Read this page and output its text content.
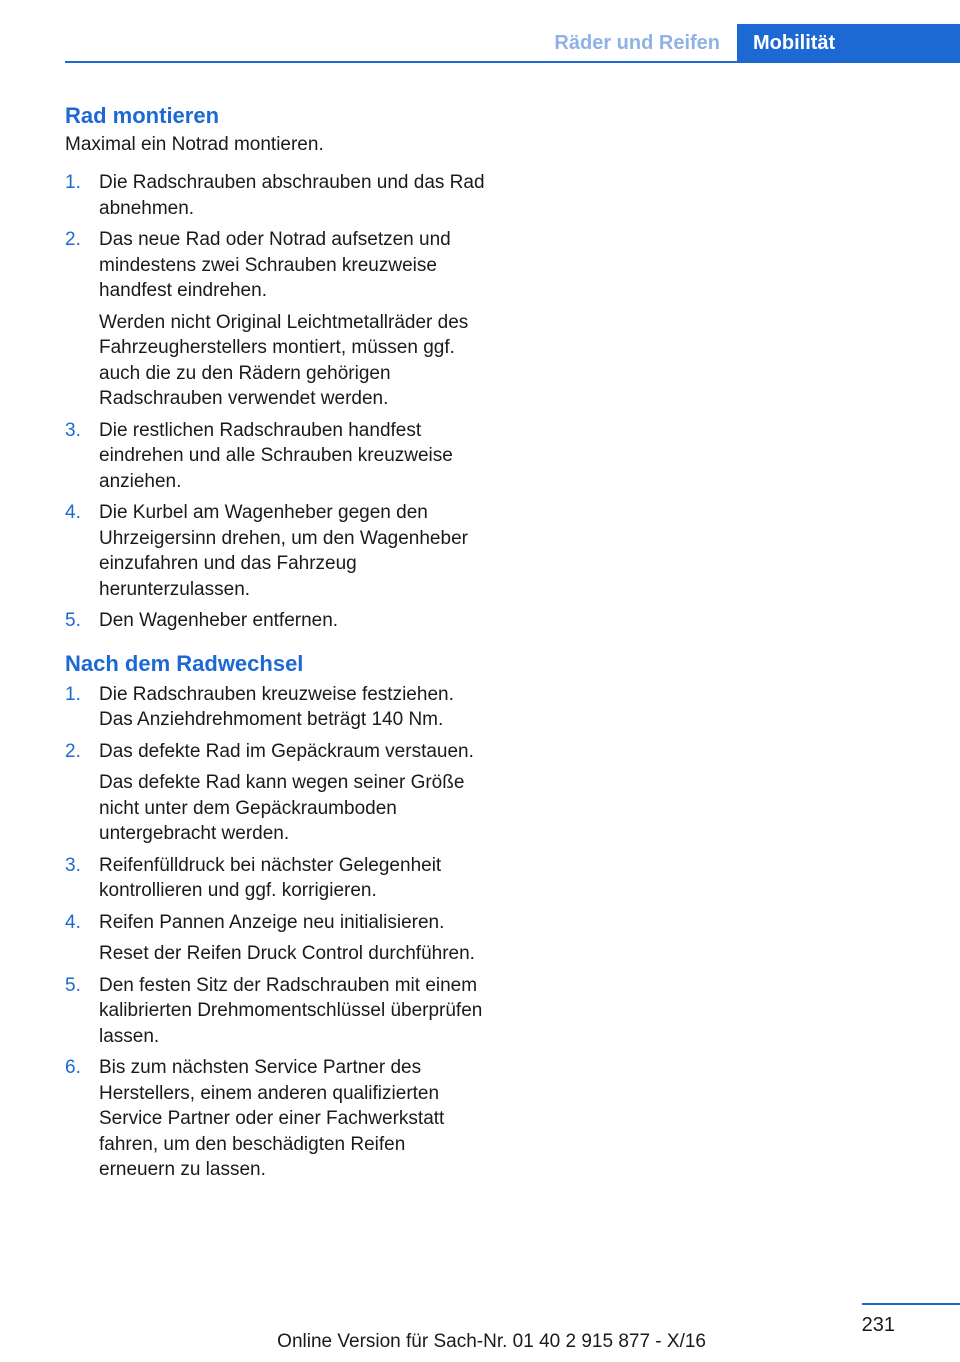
Räder und Reifen	Mobilität
Rad montieren

Maximal ein Notrad montieren.

1. Die Radschrauben abschrauben und das Rad abnehmen.

2. Das neue Rad oder Notrad aufsetzen und mindestens zwei Schrauben kreuzweise handfest eindrehen.

Werden nicht Original Leichtmetallräder des Fahrzeugherstellers montiert, müssen ggf. auch die zu den Rädern gehörigen Radschrauben verwendet werden.

3. Die restlichen Radschrauben handfest eindrehen und alle Schrauben kreuzweise anziehen.

4. Die Kurbel am Wagenheber gegen den Uhrzeigersinn drehen, um den Wagenheber einzufahren und das Fahrzeug herunterzulassen.

5. Den Wagenheber entfernen.

Nach dem Radwechsel
1. Die Radschrauben kreuzweise festziehen. Das Anziehdrehmoment beträgt 140 Nm.

2. Das defekte Rad im Gepäckraum verstauen.

Das defekte Rad kann wegen seiner Größe nicht unter dem Gepäckraumboden untergebracht werden.

3. Reifenfülldruck bei nächster Gelegenheit kontrollieren und ggf. korrigieren.

4. Reifen Pannen Anzeige neu initialisieren.

Reset der Reifen Druck Control durchführen.

5. Den festen Sitz der Radschrauben mit einem kalibrierten Drehmomentschlüssel überprüfen lassen.

6. Bis zum nächsten Service Partner des Herstellers, einem anderen qualifizierten Service Partner oder einer Fachwerkstatt fahren, um den beschädigten Reifen erneuern zu lassen.

231
Online Version für Sach-Nr. 01 40 2 915 877 - X/16
